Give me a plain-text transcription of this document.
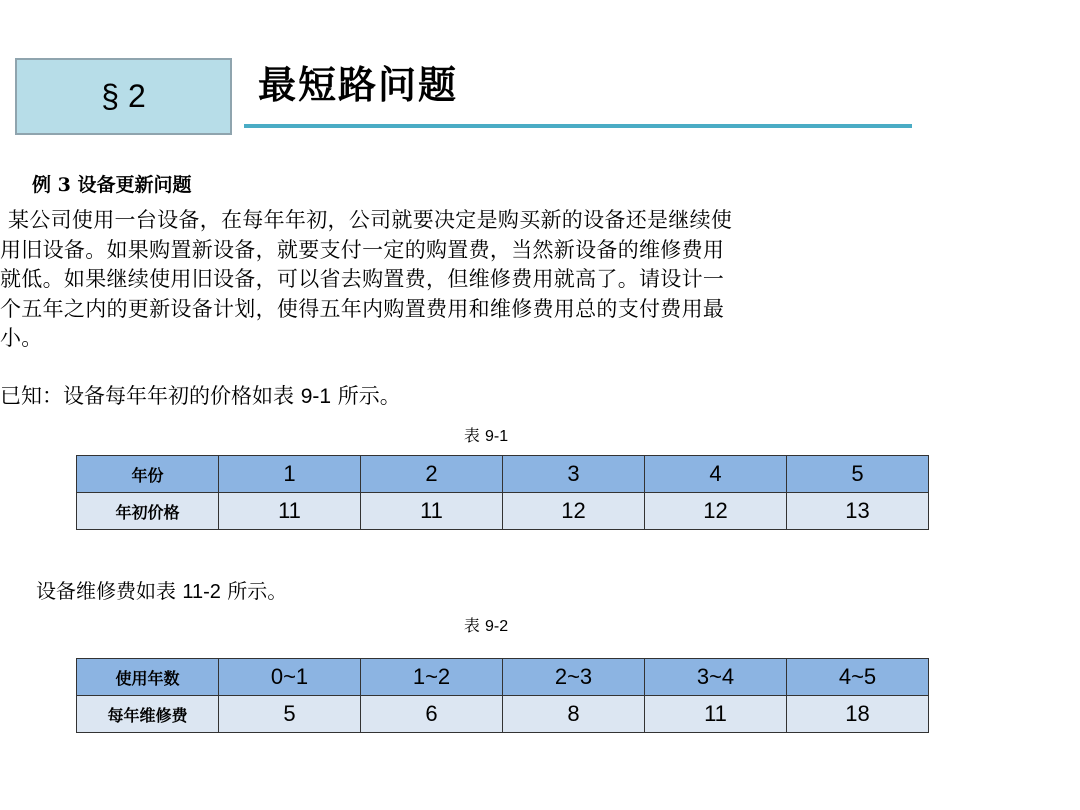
§ 2	最短路问题
例 3 设备更新问题
某公司使用一台设备，在每年年初，公司就要决定是购买新的设备还是继续使
用旧设备。如果购置新设备，就要支付一定的购置费，当然新设备的维修费用
就低。如果继续使用旧设备，可以省去购置费，但维修费用就高了。请设计一
个五年之内的更新设备计划，使得五年内购置费用和维修费用总的支付费用最
小。
已知：设备每年年初的价格如表 9-1 所示。
表 9-1
年份	1	2	3	4	5
年初价格	11	11	12	12	13
设备维修费如表 11-2 所示。
表 9-2
使用年数	0~1	1~2	2~3	3~4	4~5
每年维修费	5	6	8	11	18
